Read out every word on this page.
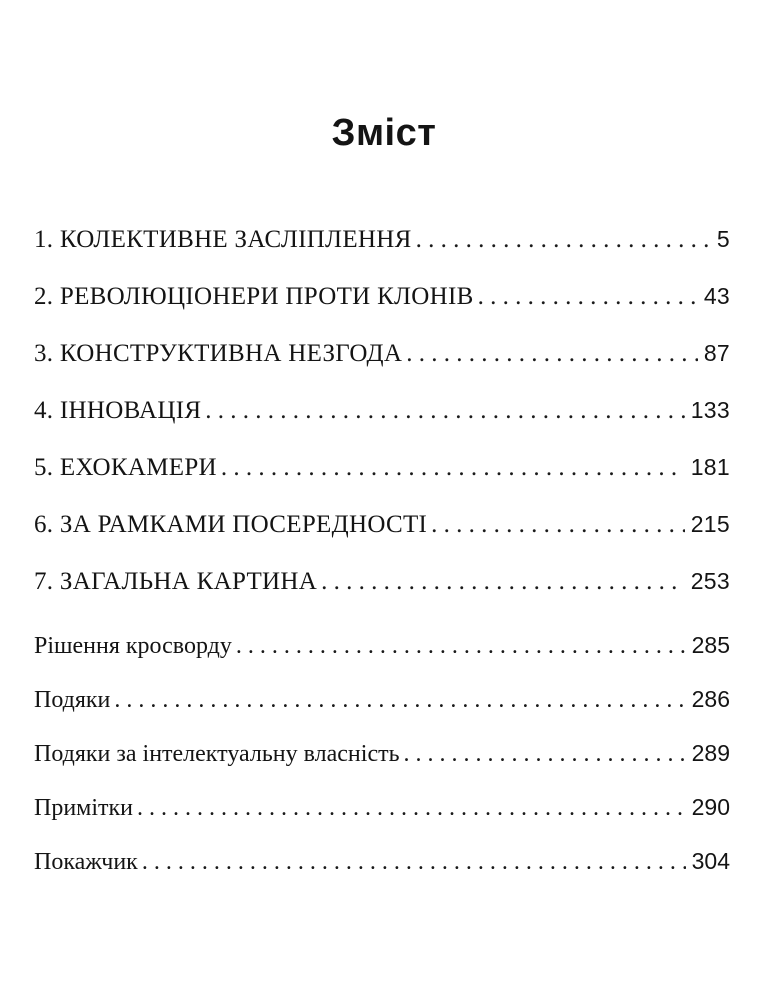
Зміст
1. КОЛЕКТИВНЕ ЗАСЛІПЛЕННЯ . . .	5
2. РЕВОЛЮЦІОНЕРИ ПРОТИ КЛОНІВ . . .	43
3. КОНСТРУКТИВНА НЕЗГОДА . . .	87
4. ІННОВАЦІЯ . . .	133
5. ЕХОКАМЕРИ . . .	181
6. ЗА РАМКАМИ ПОСЕРЕДНОСТІ . . .	215
7. ЗАГАЛЬНА КАРТИНА . . .	253
Рішення кросворду . . .	285
Подяки . . .	286
Подяки за інтелектуальну власність . . .	289
Примітки . . .	290
Покажчик . . .	304
